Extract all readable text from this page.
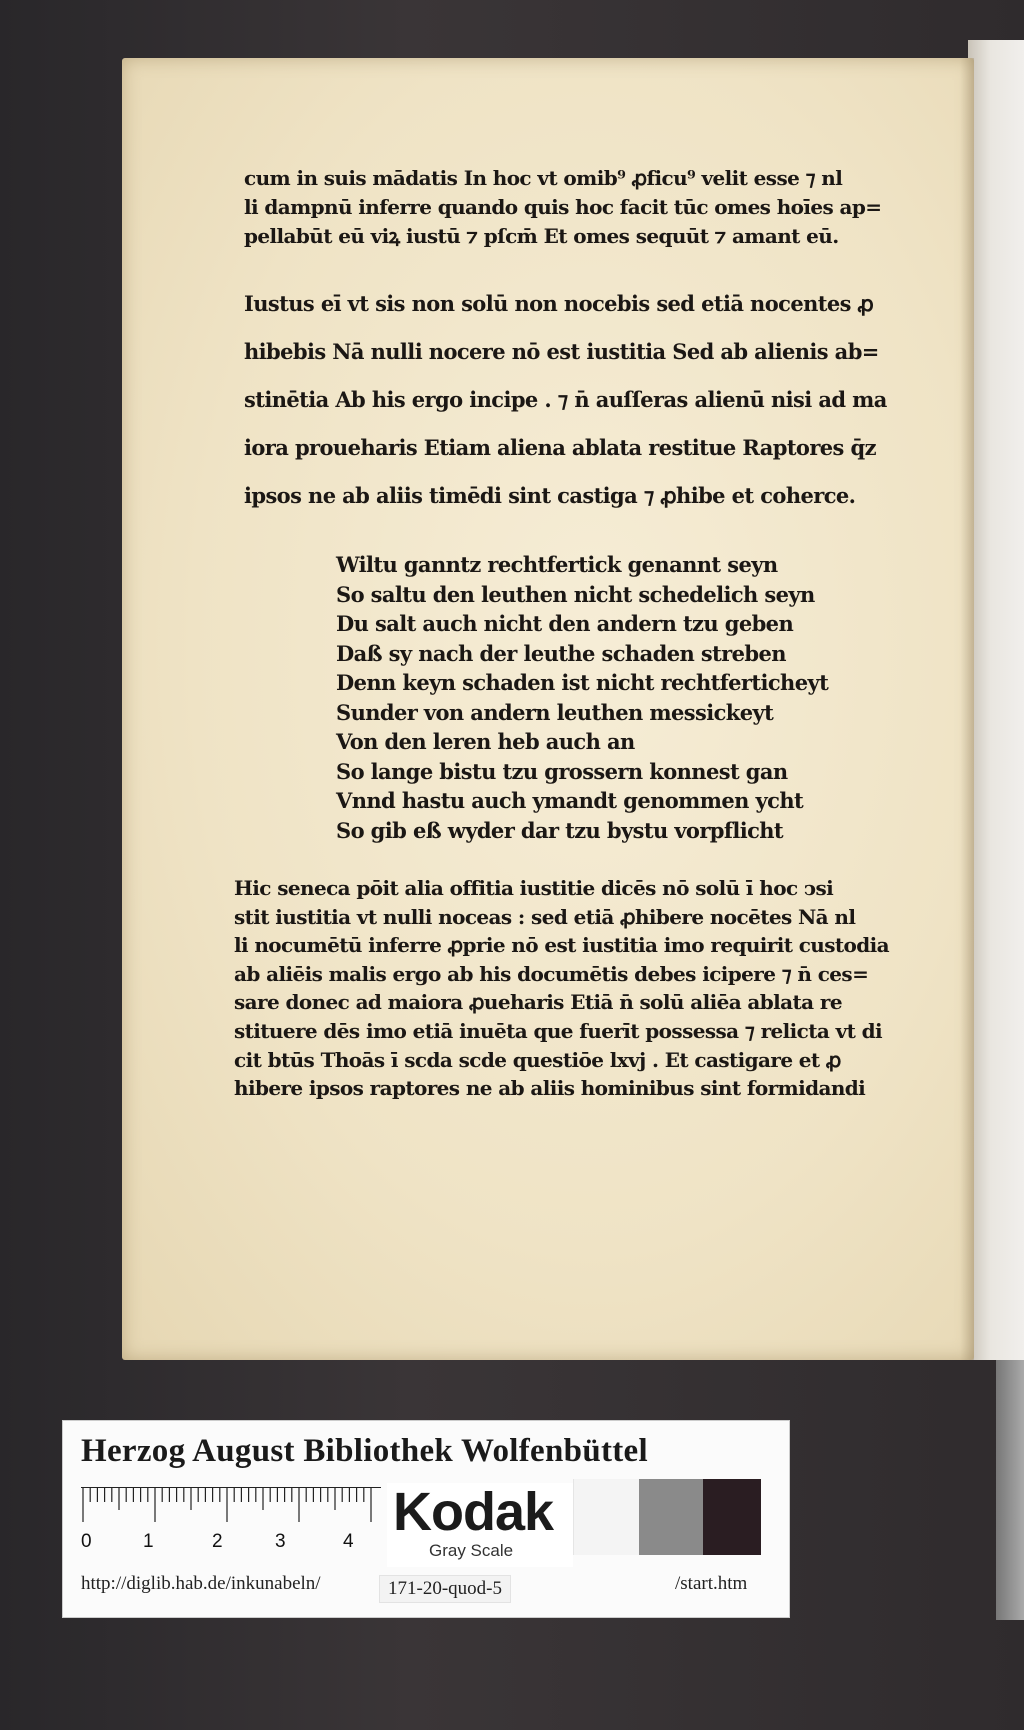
cum in suis mādatis In hoc vt omib⁹ ꝓficu⁹ velit esse ⁊ nl
li dampnū inferre quando quis hoc facit tūc omes hoīes ap=
pellabūt eū viꝝ iustū ⁊ pſcm̄ Et omes sequūt ⁊ amant eū.
Iustus eī vt sis non solū non nocebis sed etiā nocentes ꝓ
hibebis Nā nulli nocere nō est iustitia Sed ab alienis ab=
stinētia Ab his ergo incipe . ⁊ n̄ auſſeras alienū nisi ad ma
iora proueharis Etiam aliena ablata restitue Raptores q̄z
ipsos ne ab aliis timēdi sint castiga ⁊ ꝓhibe et coherce.
Wiltu ganntz rechtfertick genannt seyn
So saltu den leuthen nicht schedelich seyn
Du salt auch nicht den andern tzu geben
Daß sy nach der leuthe schaden streben
Denn keyn schaden ist nicht rechtferticheyt
Sunder von andern leuthen messickeyt
Von den leren heb auch an
So lange bistu tzu grossern konnest gan
Vnnd hastu auch ymandt genommen ycht
So gib eß wyder dar tzu bystu vorpflicht
Hic seneca pōit alia offitia iustitie dicēs nō solū ī hoc ↄsi
stit iustitia vt nulli noceas : sed etiā ꝓhibere nocētes Nā nl
li nocumētū inferre ꝓprie nō est iustitia imo requirit custodia
ab aliēis malis ergo ab his documētis debes icipere ⁊ n̄ ces=
sare donec ad maiora ꝓueharis Etiā n̄ solū aliēa ablata re
stituere dēs imo etiā inuēta que fuerīt possessa ⁊ relicta vt di
cit btūs Thoās ī scda scde questiōe lxvj . Et castigare et ꝓ
hibere ipsos raptores ne ab aliis hominibus sint formidandi
Herzog August Bibliothek Wolfenbüttel
0	1	2	3	4 Kodak
Gray Scale
http://diglib.hab.de/inkunabeln/	171-20-quod-5	/start.htm
